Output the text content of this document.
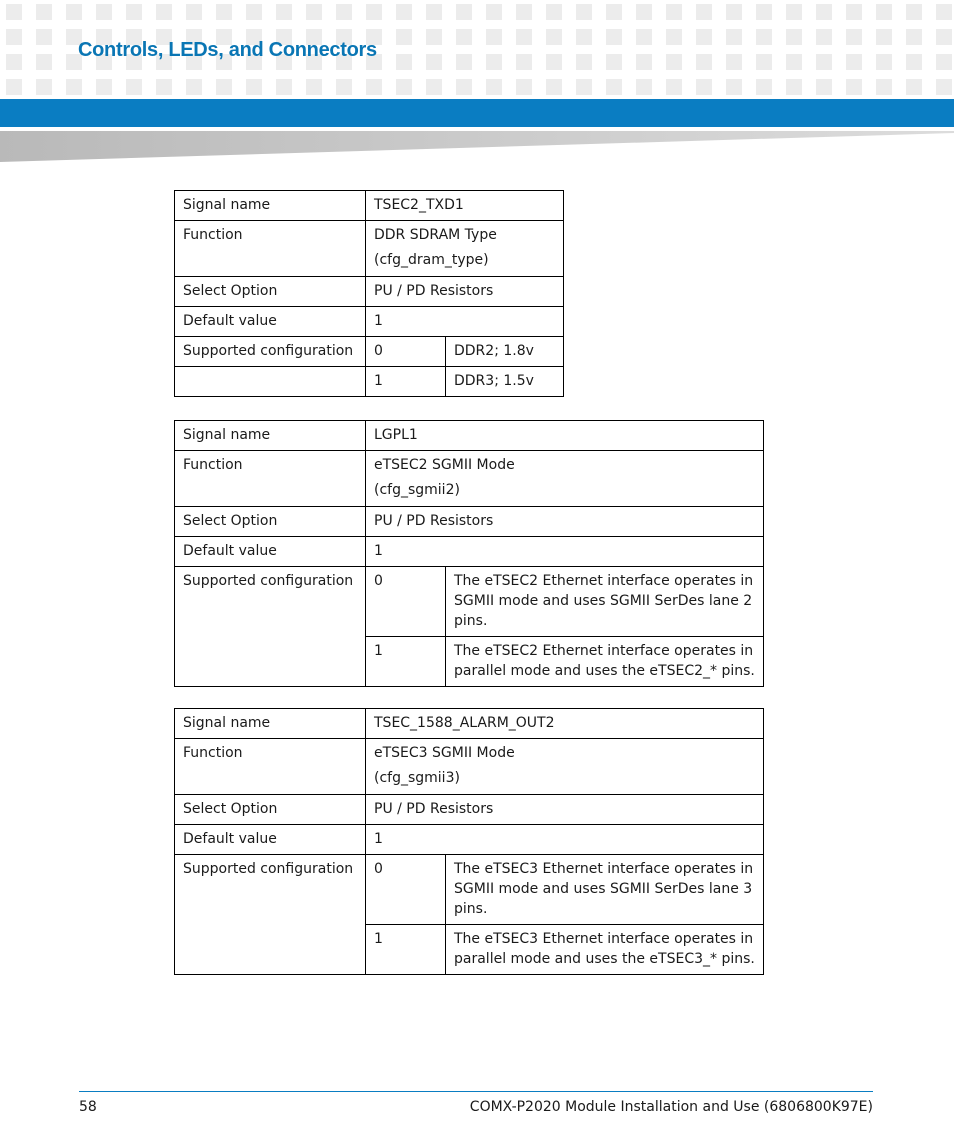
Controls, LEDs, and Connectors
Signal name	TSEC2_TXD1	
Function	DDR SDRAM Type
(cfg_dram_type)	
Select Option	PU / PD Resistors	
Default value	1	
Supported configuration	0	DDR2; 1.8v
	1	DDR3; 1.5v
Signal name	LGPL1	
Function	eTSEC2 SGMII Mode
(cfg_sgmii2)	
Select Option	PU / PD Resistors	
Default value	1	
Supported configuration	0	The eTSEC2 Ethernet interface operates in SGMII mode and uses SGMII SerDes lane 2 pins.
	1	The eTSEC2 Ethernet interface operates in parallel mode and uses the eTSEC2_* pins.
Signal name	TSEC_1588_ALARM_OUT2	
Function	eTSEC3 SGMII Mode
(cfg_sgmii3)	
Select Option	PU / PD Resistors	
Default value	1	
Supported configuration	0	The eTSEC3 Ethernet interface operates in SGMII mode and uses SGMII SerDes lane 3 pins.
	1	The eTSEC3 Ethernet interface operates in parallel mode and uses the eTSEC3_* pins.
58	COMX-P2020 Module Installation and Use (6806800K97E)
